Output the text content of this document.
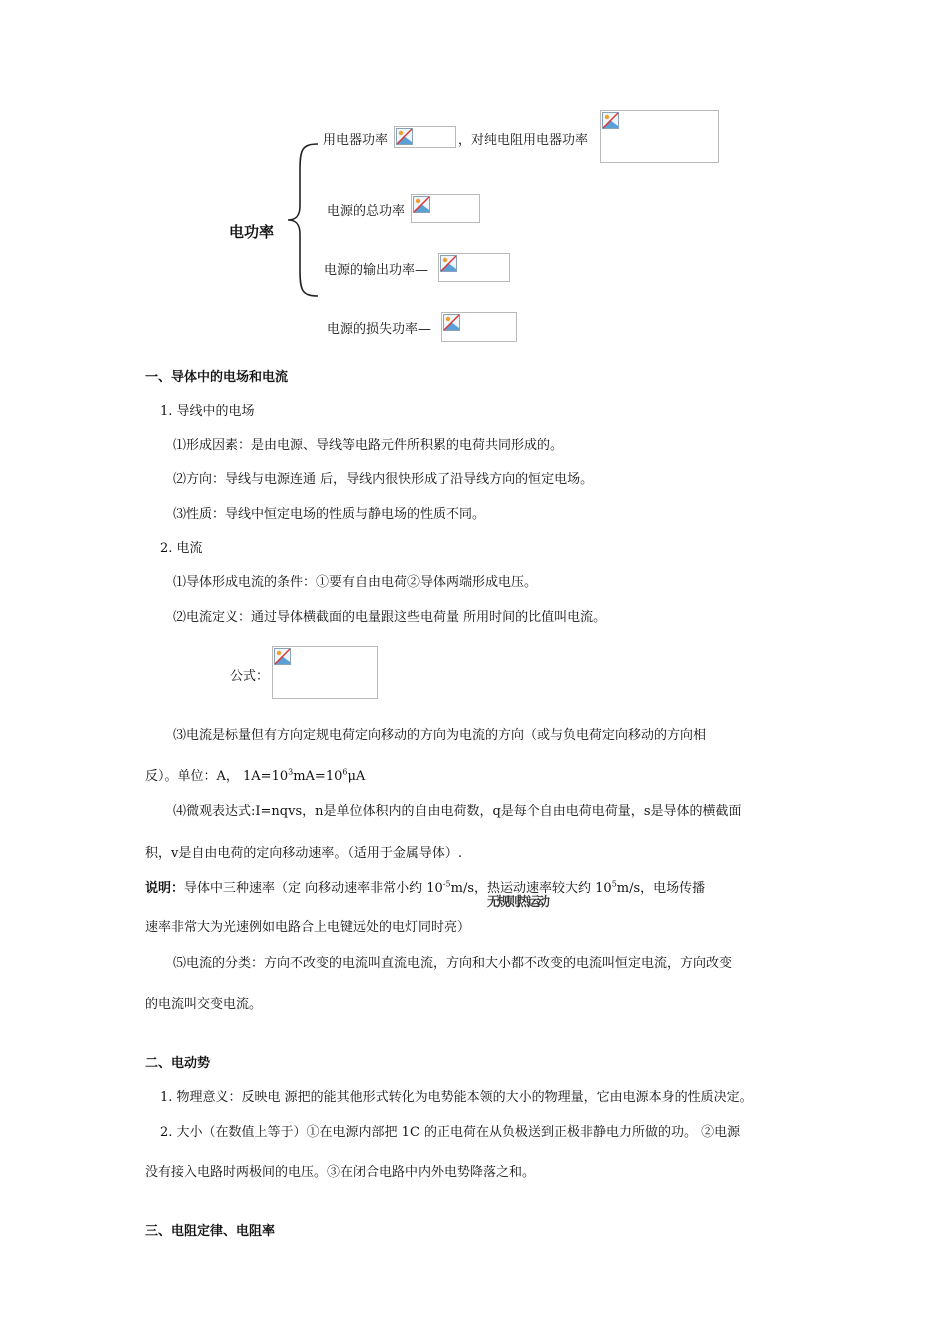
电功率
用电器功率	，对纯电阻用电器功率
电源的总功率
电源的输出功率—
电源的损失功率—
一、导体中的电场和电流
1. 导线中的电场
⑴形成因素：是由电源、导线等电路元件所积累的电荷共同形成的。
⑵方向：导线与电源连通 后，导线内很快形成了沿导线方向的恒定电场。
⑶性质：导线中恒定电场的性质与静电场的性质不同。
2. 电流
⑴导体形成电流的条件：①要有自由电荷②导体两端形成电压。
⑵电流定义：通过导体横截面的电量跟这些电荷量 所用时间的比值叫电流。
公式：
⑶电流是标量但有方向定规电荷定向移动的方向为电流的方向（或与负电荷定向移动的方向相
反）。单位：A， $1A=10^3mA=10^6\mu A$
⑷微观表达式:I=nqvs，n是单位体积内的自由电荷数，q是每个自由电荷电荷量，s是导体的横截面
积，v是自由电荷的定向移动速率。（适用于金属导体）.
说明：导体中三种速率（定 向移动速率非常小约 $10^{-5}m/s$，
无规则热运动
热运动速率较大约 $10^5m/s$，电场传播
速率非常大为光速例如电路合上电键远处的电灯同时亮）
⑸电流的分类：方向不改变的电流叫直流电流，方向和大小都不改变的电流叫恒定电流，方向改变
的电流叫交变电流。
二、电动势
1. 物理意义：反映电 源把的能其他形式转化为电势能本领的大小的物理量，它由电源本身的性质决定。
2. 大小（在数值上等于）①在电源内部把 1C 的正电荷在从负极送到正极非静电力所做的功。 ②电源
没有接入电路时两极间的电压。③在闭合电路中内外电势降落之和。
三、电阻定律、电阻率
